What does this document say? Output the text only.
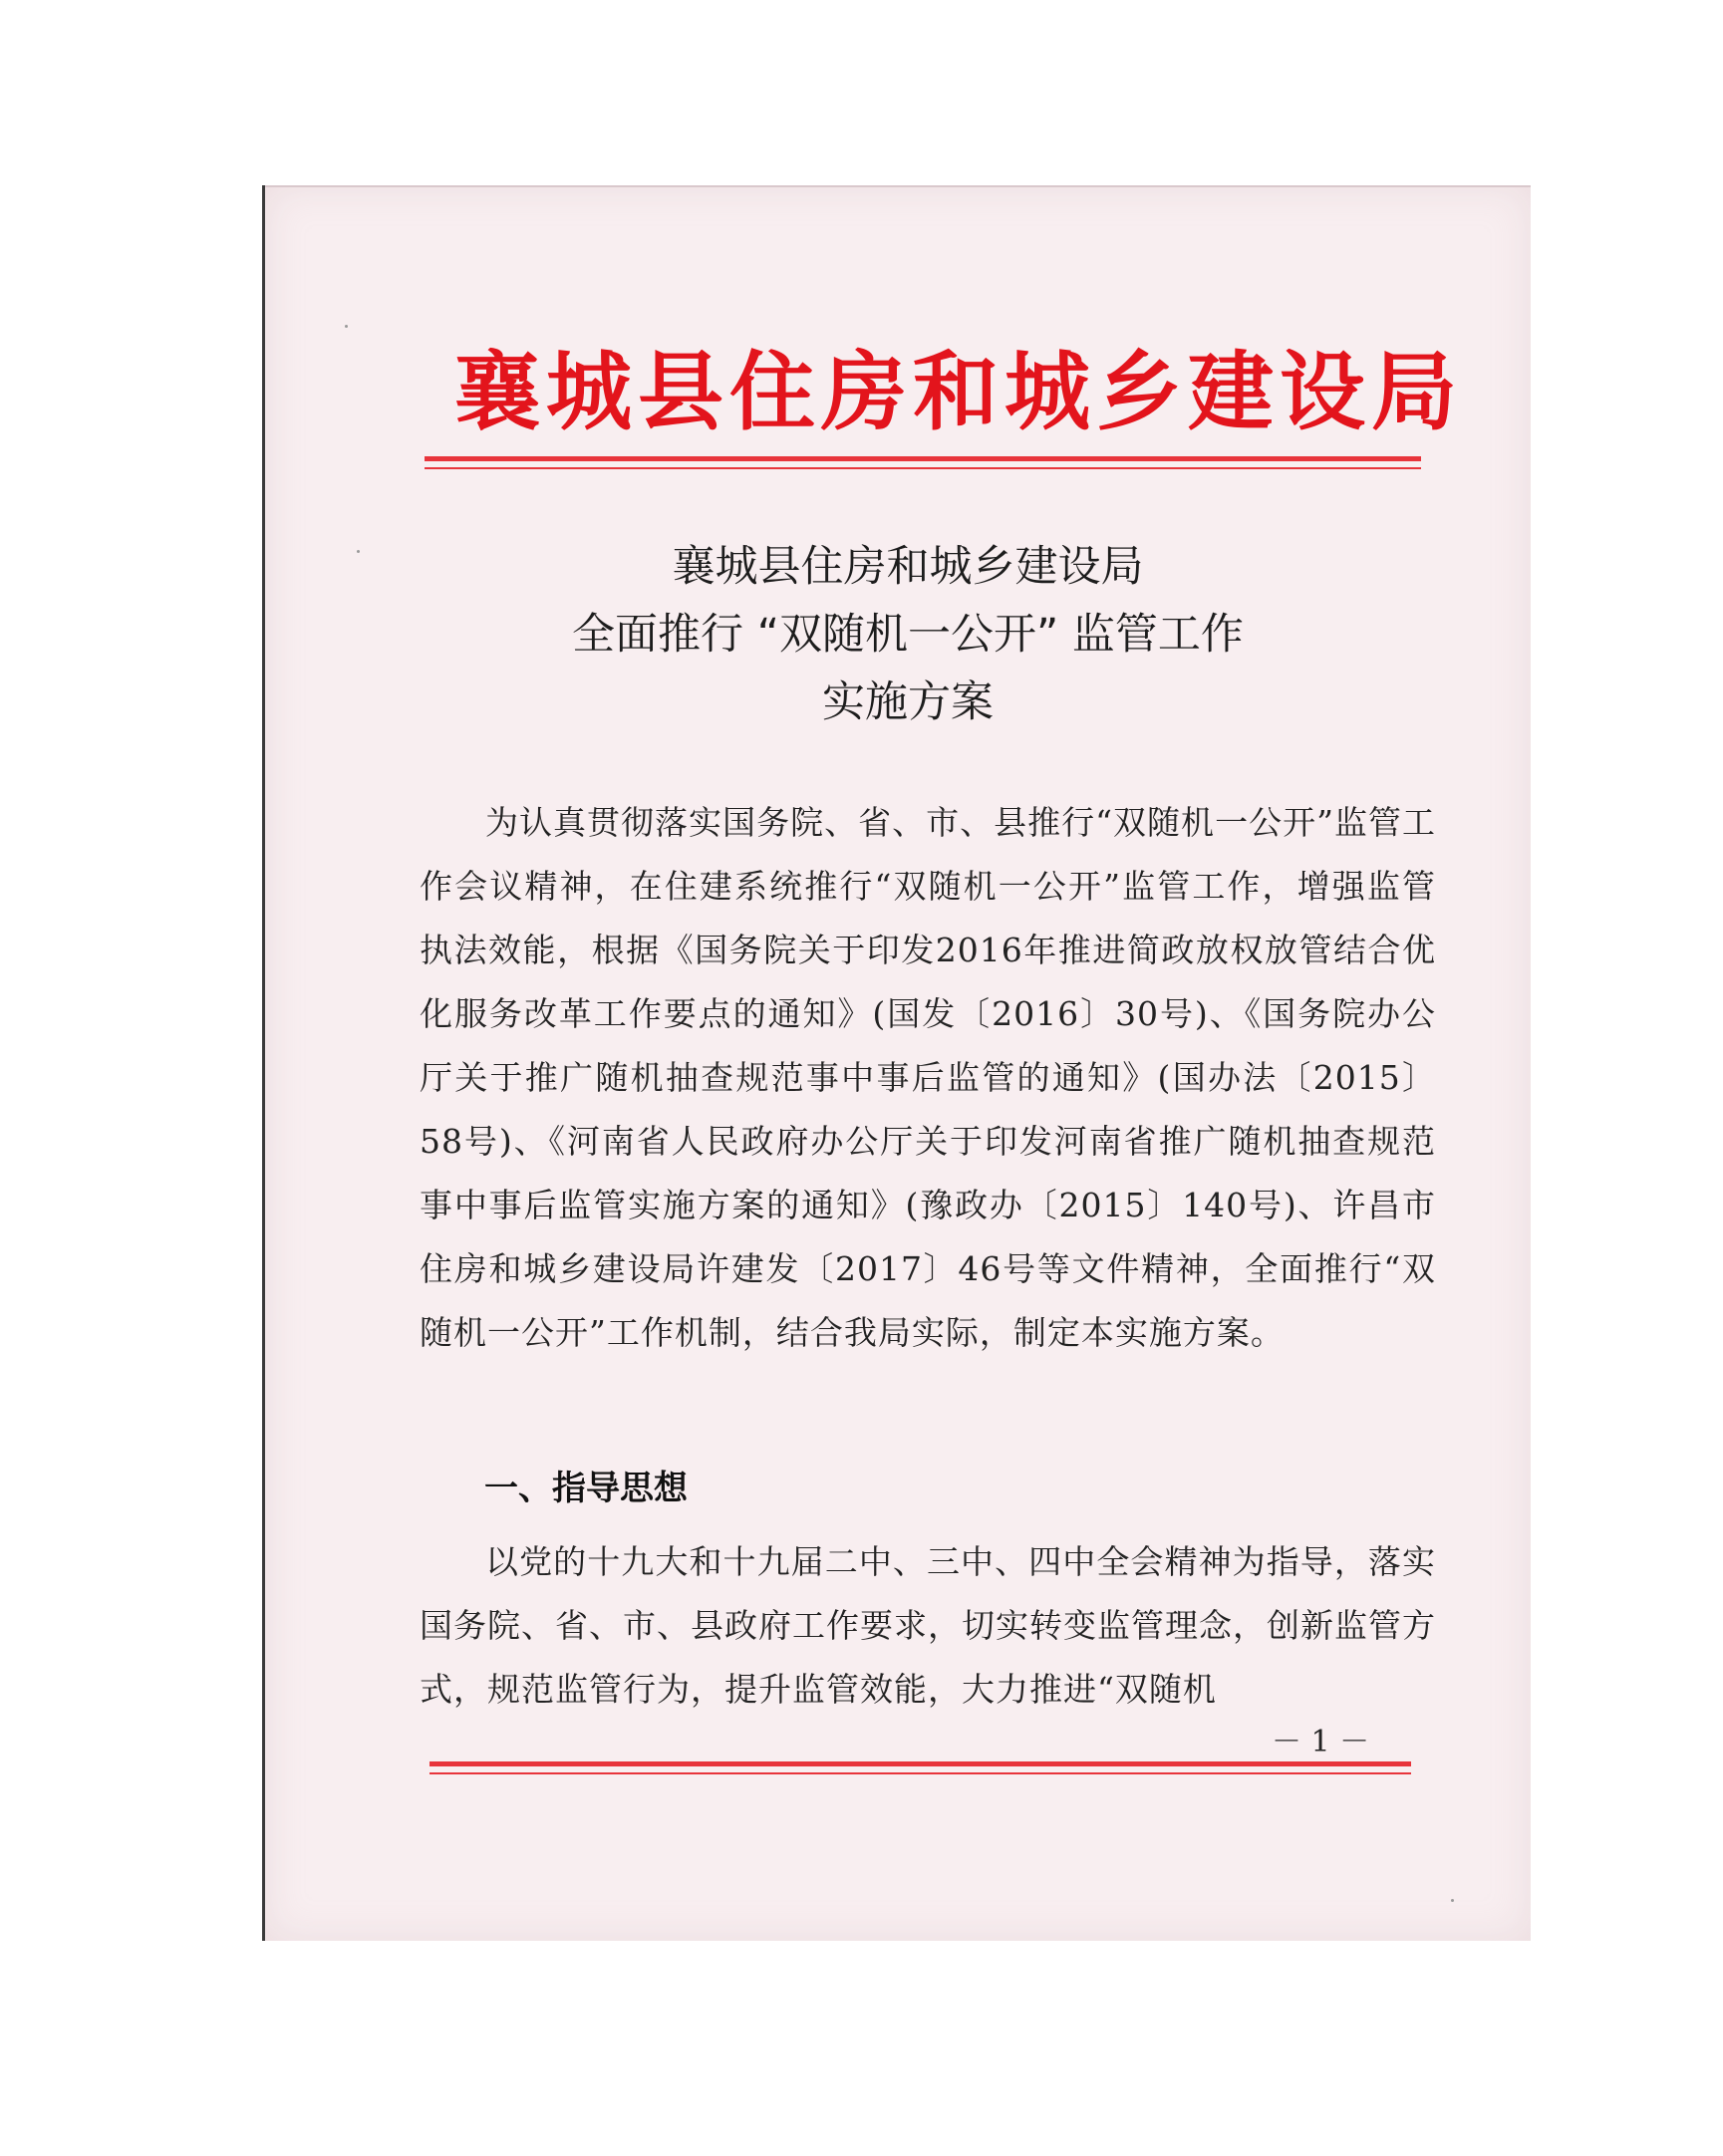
襄城县住房和城乡建设局
襄城县住房和城乡建设局
全面推行 “双随机一公开” 监管工作
实施方案

为认真贯彻落实国务院、省、市、县推行“双随机一公开”监管工作会议精神，在住建系统推行“双随机一公开”监管工作，增强监管执法效能，根据《国务院关于印发2016年推进简政放权放管结合优化服务改革工作要点的通知》(国发〔2016〕30号)、《国务院办公厅关于推广随机抽查规范事中事后监管的通知》(国办法〔2015〕58号)、《河南省人民政府办公厅关于印发河南省推广随机抽查规范事中事后监管实施方案的通知》(豫政办〔2015〕140号)、许昌市住房和城乡建设局许建发〔2017〕46号等文件精神，全面推行“双随机一公开”工作机制，结合我局实际，制定本实施方案。

一、指导思想

以党的十九大和十九届二中、三中、四中全会精神为指导，落实国务院、省、市、县政府工作要求，切实转变监管理念，创新监管方式，规范监管行为，提升监管效能，大力推进“双随机

－ 1 －
